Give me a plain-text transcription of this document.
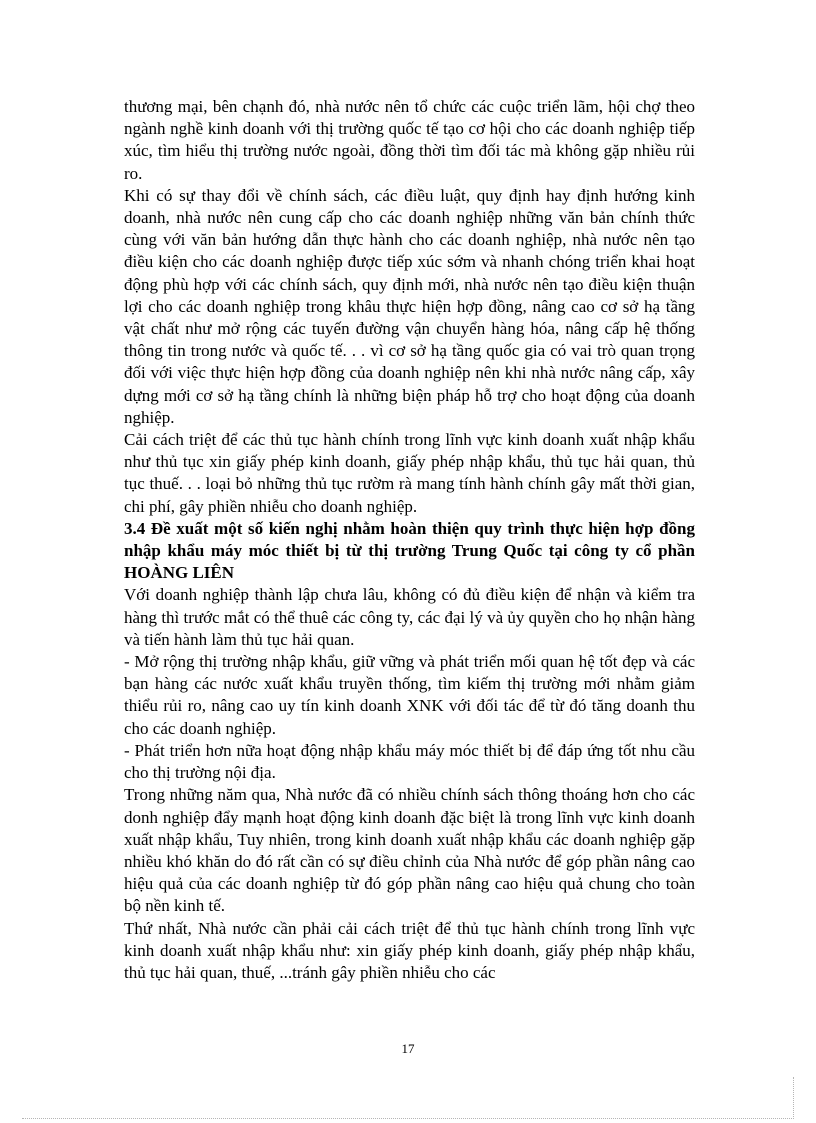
thương mại, bên chạnh đó, nhà nước nên tổ chức các cuộc triển lãm, hội chợ theo ngành nghề kinh doanh với thị trường quốc tế tạo cơ hội cho các doanh nghiệp tiếp xúc, tìm hiểu thị trường nước ngoài, đồng thời tìm đối tác mà không gặp nhiều rủi ro.

Khi có sự thay đổi về chính sách, các điều luật, quy định hay định hướng kinh doanh, nhà nước nên cung cấp cho các doanh nghiệp những văn bản chính thức cùng với văn bản hướng dẫn thực hành cho các doanh nghiệp, nhà nước nên tạo điều kiện cho các doanh nghiệp được tiếp xúc sớm và nhanh chóng triển khai hoạt động phù hợp với các chính sách, quy định mới, nhà nước nên tạo điều kiện thuận lợi cho các doanh nghiệp trong khâu thực hiện hợp đồng, nâng cao cơ sở hạ tầng vật chất như mở rộng các tuyến đường vận chuyển hàng hóa, nâng cấp hệ thống thông tin trong nước và quốc tế. . . vì cơ sở hạ tầng quốc gia có vai trò quan trọng đối với việc thực hiện hợp đồng của doanh nghiệp nên khi nhà nước nâng cấp, xây dựng mới cơ sở hạ tầng chính là những biện pháp hỗ trợ cho hoạt động của doanh nghiệp.

Cải cách triệt để các thủ tục hành chính trong lĩnh vực kinh doanh xuất nhập khẩu như thủ tục xin giấy phép kinh doanh, giấy phép nhập khẩu, thủ tục hải quan, thủ tục thuế. . . loại bỏ những thủ tục rườm rà mang tính hành chính gây mất thời gian, chi phí, gây phiền nhiễu cho doanh nghiệp.

3.4 Đề xuất một số kiến nghị nhằm hoàn thiện quy trình thực hiện hợp đồng nhập khẩu máy móc thiết bị từ thị trường Trung Quốc tại công ty cổ phần HOÀNG LIÊN

Với doanh nghiệp thành lập chưa lâu, không có đủ điều kiện để nhận và kiểm tra hàng thì trước mắt có thể thuê các công ty, các đại lý và ủy quyền cho họ nhận hàng và tiến hành làm thủ tục hải quan.

- Mở rộng thị trường nhập khẩu, giữ vững và phát triển mối quan hệ tốt đẹp và các bạn hàng các nước xuất khẩu truyền thống, tìm kiếm thị trường mới nhằm giảm thiểu rủi ro, nâng cao uy tín kinh doanh XNK với đối tác để từ đó tăng doanh thu cho các doanh nghiệp.

- Phát triển hơn nữa hoạt động nhập khẩu máy móc thiết bị để đáp ứng tốt nhu cầu cho thị trường nội địa.

Trong những năm qua, Nhà nước đã có nhiều chính sách thông thoáng hơn cho các donh nghiệp đẩy mạnh hoạt động kinh doanh đặc biệt là trong lĩnh vực kinh doanh xuất nhập khẩu, Tuy nhiên, trong kinh doanh xuất nhập khẩu các doanh nghiệp gặp nhiều khó khăn do đó rất cần có sự điều chỉnh của Nhà nước để góp phần nâng cao hiệu quả của các doanh nghiệp từ đó góp phần nâng cao hiệu quả chung cho toàn bộ nền kinh tế.

Thứ nhất, Nhà nước cần phải cải cách triệt để thủ tục hành chính trong lĩnh vực kinh doanh xuất nhập khẩu như: xin giấy phép kinh doanh, giấy phép nhập khẩu, thủ tục hải quan, thuế, ...tránh gây phiền nhiễu cho các

17
